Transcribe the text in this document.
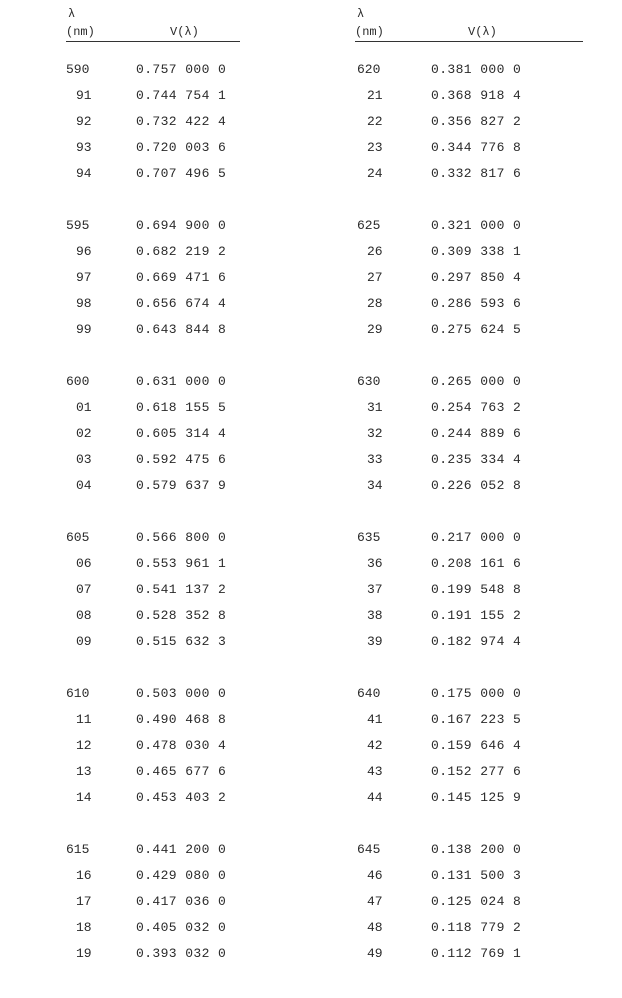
λ
(nm)	V(λ)
590	0.757 000 0
91	0.744 754 1
92	0.732 422 4
93	0.720 003 6
94	0.707 496 5
595	0.694 900 0
96	0.682 219 2
97	0.669 471 6
98	0.656 674 4
99	0.643 844 8
600	0.631 000 0
01	0.618 155 5
02	0.605 314 4
03	0.592 475 6
04	0.579 637 9
605	0.566 800 0
06	0.553 961 1
07	0.541 137 2
08	0.528 352 8
09	0.515 632 3
610	0.503 000 0
11	0.490 468 8
12	0.478 030 4
13	0.465 677 6
14	0.453 403 2
615	0.441 200 0
16	0.429 080 0
17	0.417 036 0
18	0.405 032 0
19	0.393 032 0
λ
(nm)	V(λ)
620	0.381 000 0
21	0.368 918 4
22	0.356 827 2
23	0.344 776 8
24	0.332 817 6
625	0.321 000 0
26	0.309 338 1
27	0.297 850 4
28	0.286 593 6
29	0.275 624 5
630	0.265 000 0
31	0.254 763 2
32	0.244 889 6
33	0.235 334 4
34	0.226 052 8
635	0.217 000 0
36	0.208 161 6
37	0.199 548 8
38	0.191 155 2
39	0.182 974 4
640	0.175 000 0
41	0.167 223 5
42	0.159 646 4
43	0.152 277 6
44	0.145 125 9
645	0.138 200 0
46	0.131 500 3
47	0.125 024 8
48	0.118 779 2
49	0.112 769 1
